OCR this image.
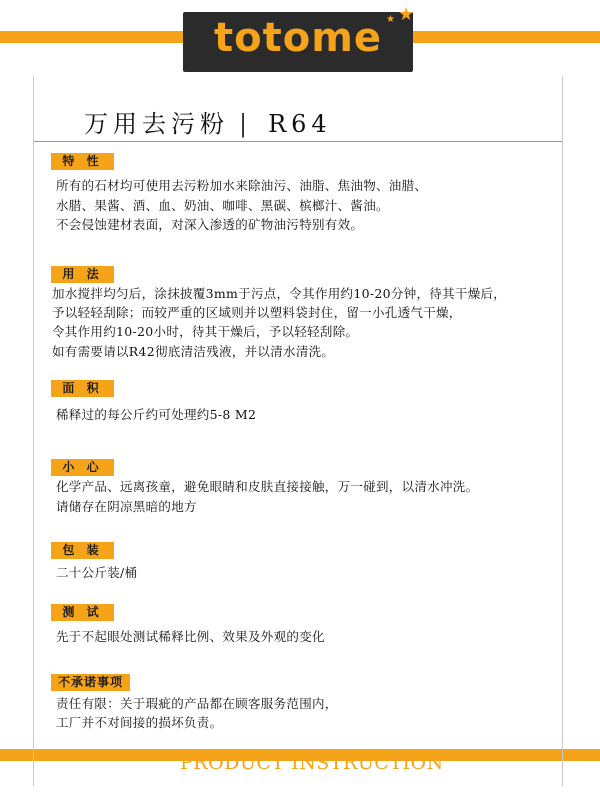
totome
★
★
万用去污粉 | R64
特 性
所有的石材均可使用去污粉加水来除油污、油脂、焦油物、油腊、
水腊、果酱、酒、血、奶油、咖啡、黑碳、槟榔汁、酱油。
不会侵蚀建材表面，对深入渗透的矿物油污特别有效。
用 法
加水搅拌均匀后，涂抹披覆3mm于污点，令其作用约10-20分钟，待其干燥后，
予以轻轻刮除；而较严重的区域则并以塑料袋封住，留一小孔透气干燥，
令其作用约10-20小时，待其干燥后，予以轻轻刮除。
如有需要请以R42彻底清洁残液，并以清水清洗。
面 积
稀释过的每公斤约可处理约5-8 M2
小 心
化学产品、远离孩童，避免眼睛和皮肤直接接触，万一碰到，以清水冲洗。
请储存在阴凉黑暗的地方
包 装
二十公斤装/桶
测 试
先于不起眼处测试稀释比例、效果及外观的变化
不承诺事项
责任有限：关于瑕疵的产品都在顾客服务范围内，
工厂并不对间接的损坏负责。
PRODUCT INSTRUCTION
